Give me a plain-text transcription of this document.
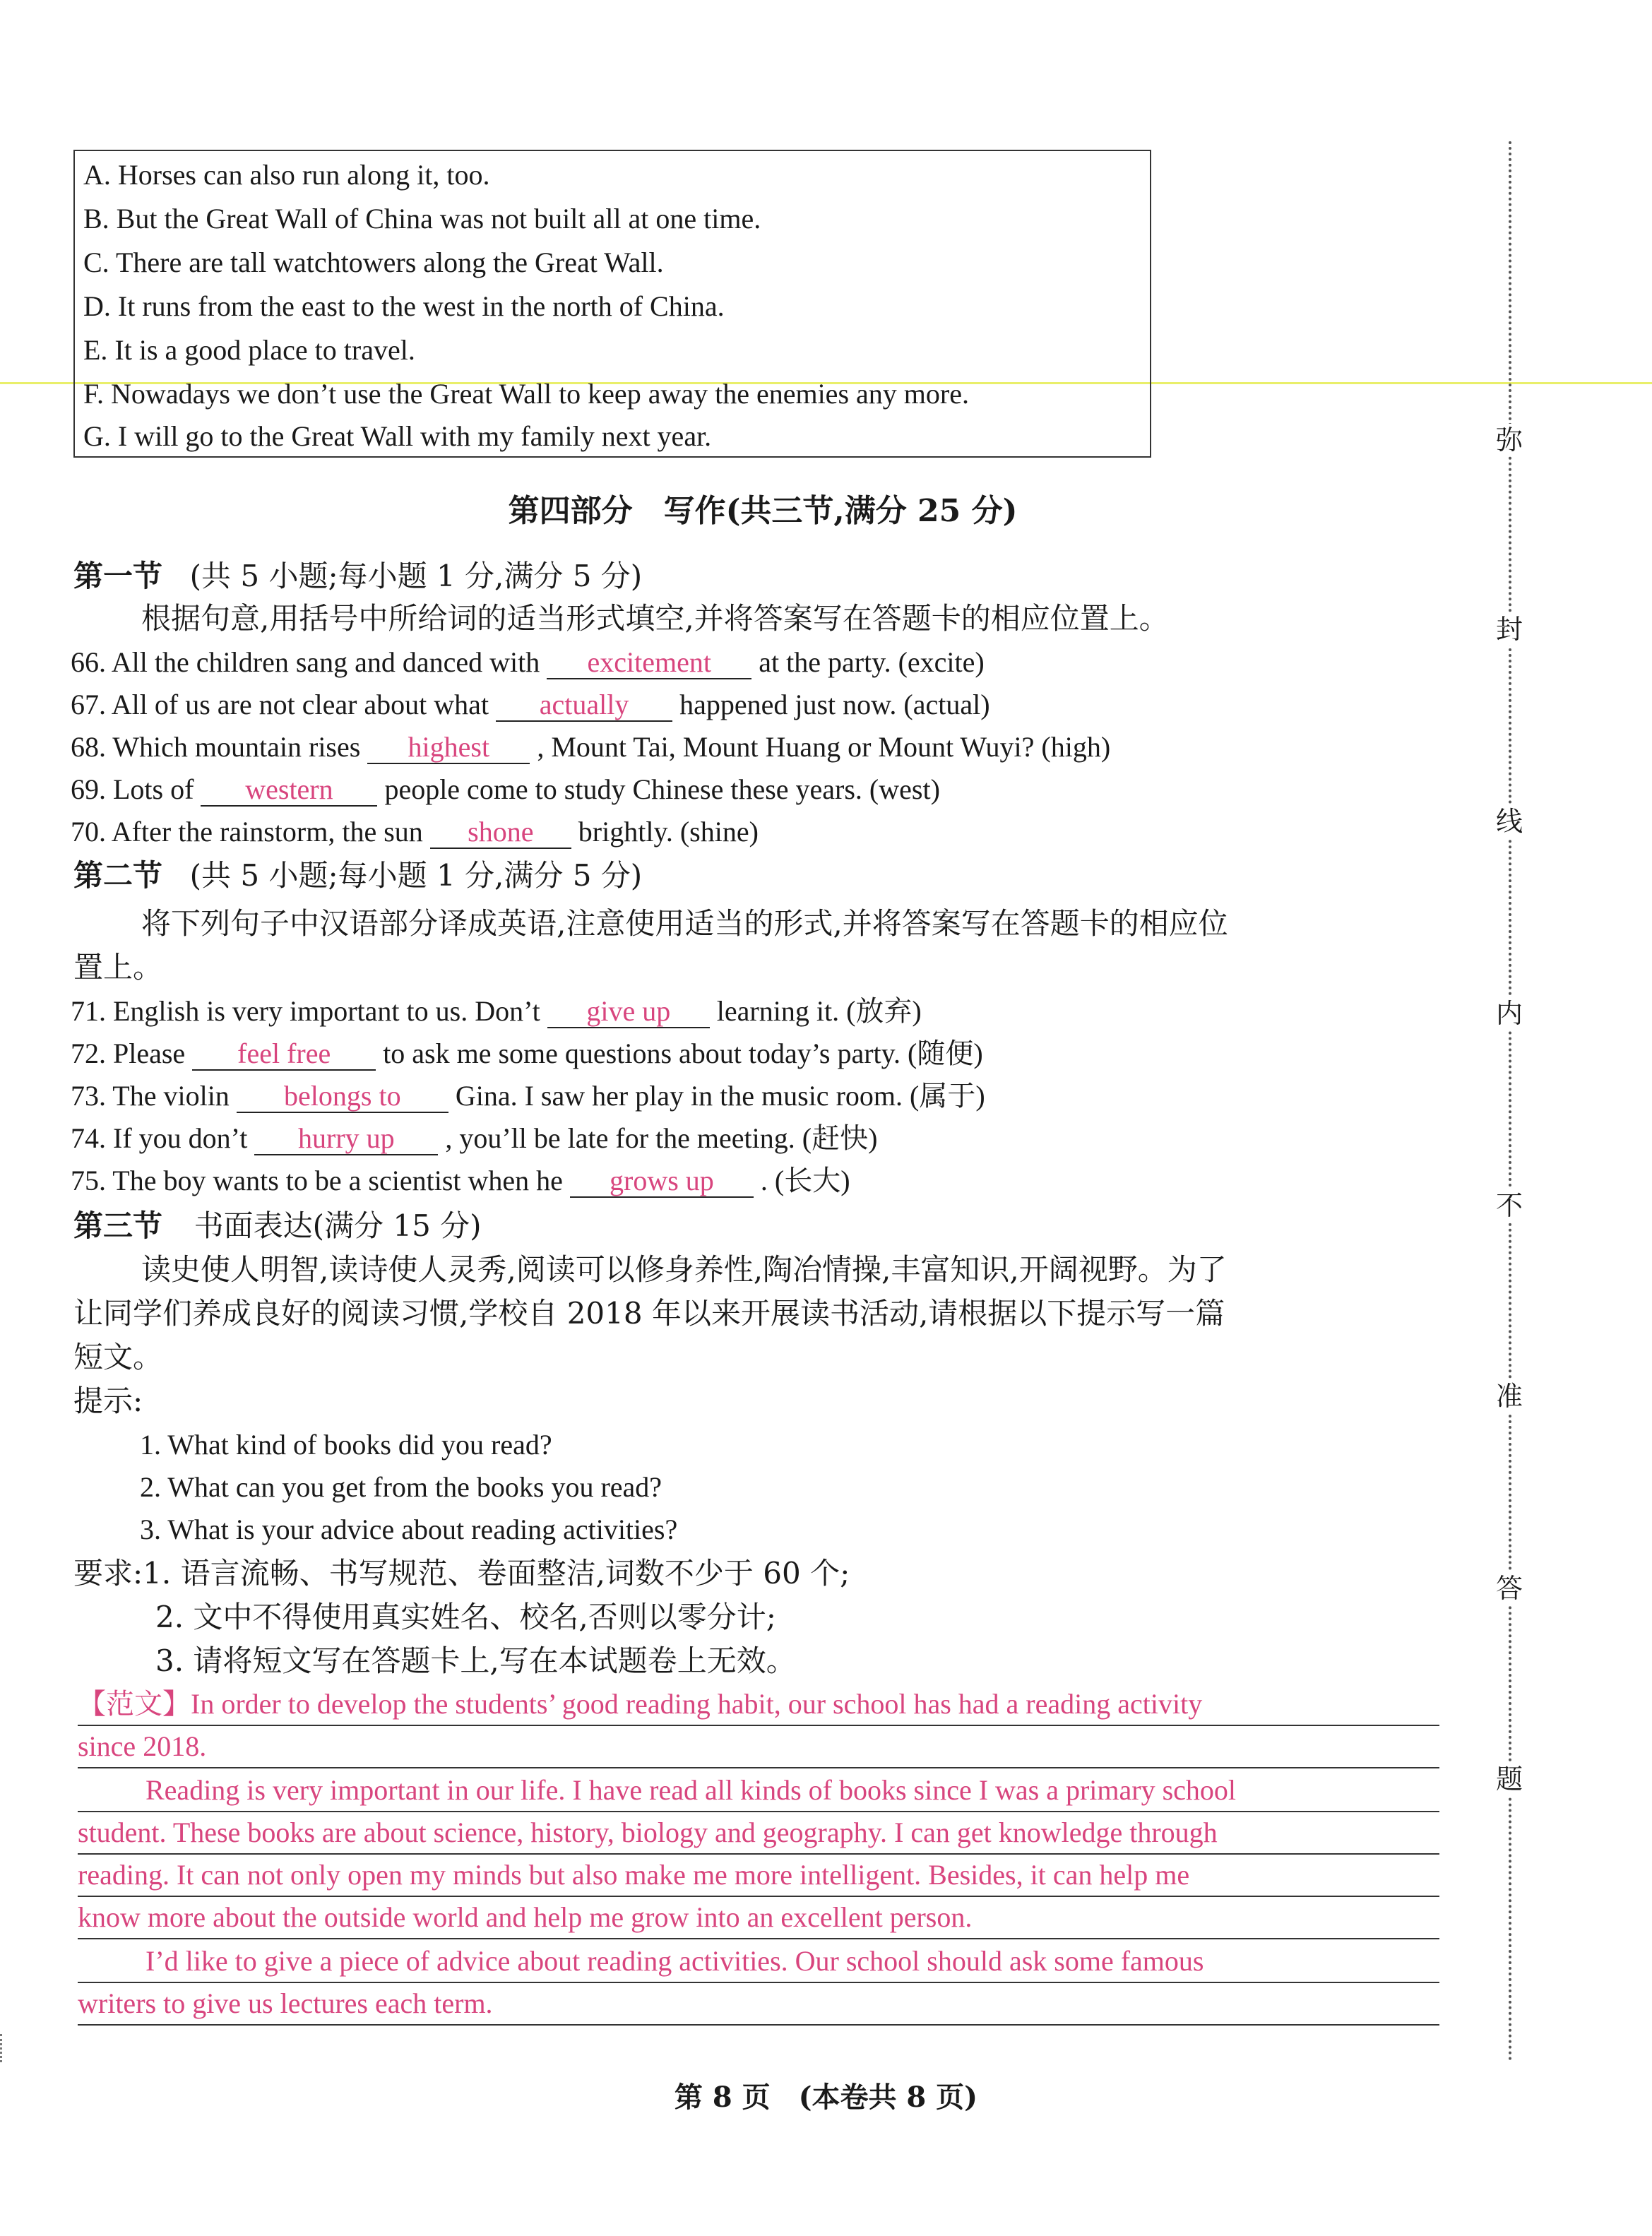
A. Horses can also run along it, too.
B. But the Great Wall of China was not built all at one time.
C. There are tall watchtowers along the Great Wall.
D. It runs from the east to the west in the north of China.
E. It is a good place to travel.
F. Nowadays we don’t use the Great Wall to keep away the enemies any more.
G. I will go to the Great Wall with my family next year.
第四部分　写作(共三节,满分 25 分)
第一节 (共 5 小题;每小题 1 分,满分 5 分)
根据句意,用括号中所给词的适当形式填空,并将答案写在答题卡的相应位置上。
66. All the children sang and danced with excitement at the party. (excite)
67. All of us are not clear about what actually happened just now. (actual)
68. Which mountain rises highest , Mount Tai, Mount Huang or Mount Wuyi? (high)
69. Lots of western people come to study Chinese these years. (west)
70. After the rainstorm, the sun shone brightly. (shine)
第二节 (共 5 小题;每小题 1 分,满分 5 分)
将下列句子中汉语部分译成英语,注意使用适当的形式,并将答案写在答题卡的相应位
置上。
71. English is very important to us. Don’t give up learning it. (放弃)
72. Please feel free to ask me some questions about today’s party. (随便)
73. The violin belongs to Gina. I saw her play in the music room. (属于)
74. If you don’t hurry up , you’ll be late for the meeting. (赶快)
75. The boy wants to be a scientist when he grows up . (长大)
第三节 书面表达(满分 15 分)
读史使人明智,读诗使人灵秀,阅读可以修身养性,陶冶情操,丰富知识,开阔视野。为了
让同学们养成良好的阅读习惯,学校自 2018 年以来开展读书活动,请根据以下提示写一篇
短文。
提示:
1. What kind of books did you read?
2. What can you get from the books you read?
3. What is your advice about reading activities?
要求:1. 语言流畅、书写规范、卷面整洁,词数不少于 60 个;
2. 文中不得使用真实姓名、校名,否则以零分计;
3. 请将短文写在答题卡上,写在本试题卷上无效。
【范文】In order to develop the students’ good reading habit, our school has had a reading activity
since 2018.
Reading is very important in our life. I have read all kinds of books since I was a primary school
student. These books are about science, history, biology and geography. I can get knowledge through
reading. It can not only open my minds but also make me more intelligent. Besides, it can help me
know more about the outside world and help me grow into an excellent person.
I’d like to give a piece of advice about reading activities. Our school should ask some famous
writers to give us lectures each term.
弥
封
线
内
不
准
答
题
第 8 页　(本卷共 8 页)
